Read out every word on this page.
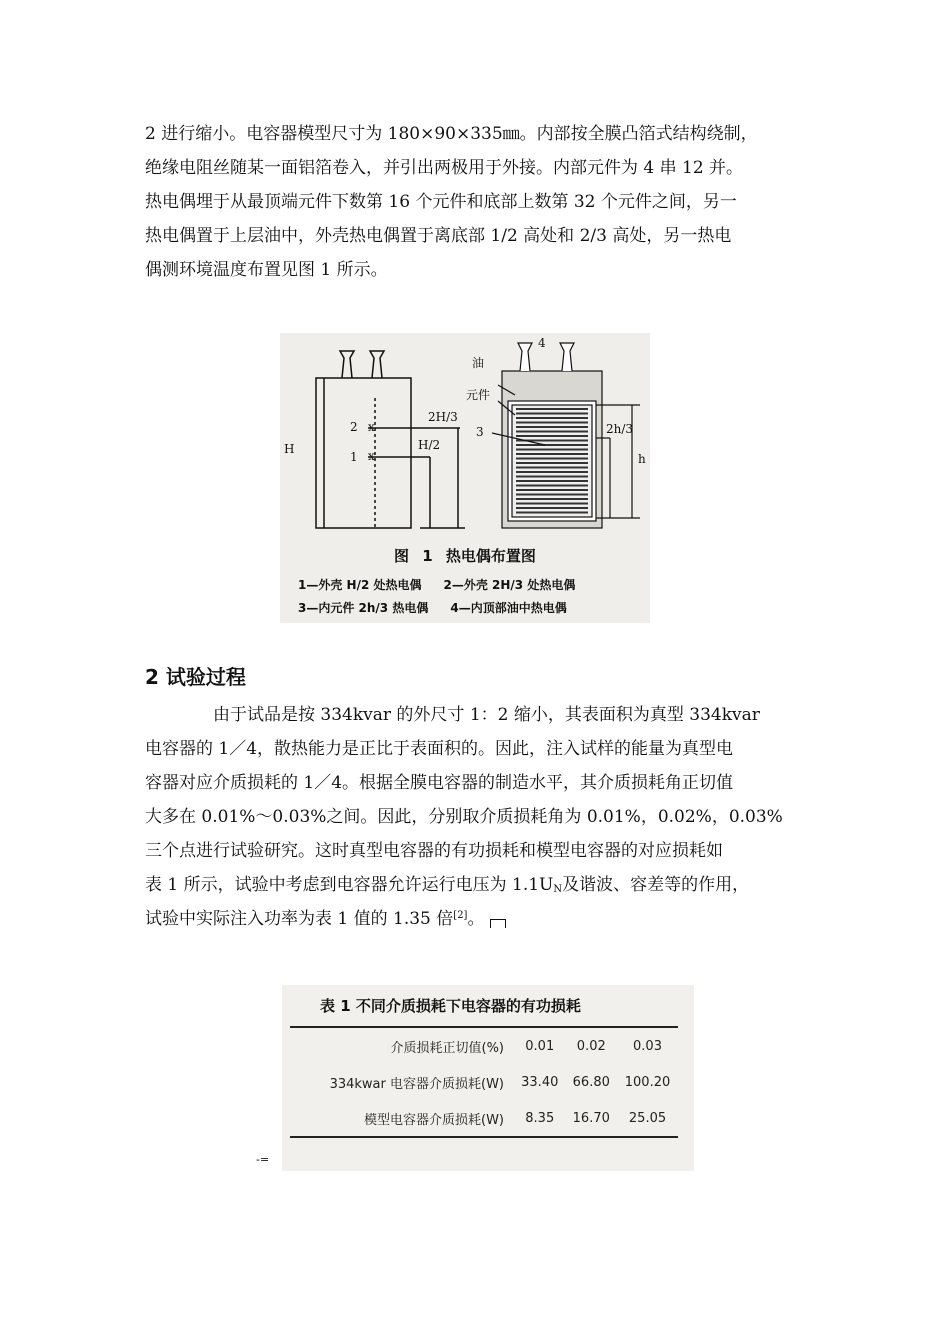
2 进行缩小。电容器模型尺寸为 180×90×335㎜。内部按全膜凸箔式结构绕制，
绝缘电阻丝随某一面铝箔卷入，并引出两极用于外接。内部元件为 4 串 12 并。
热电偶埋于从最顶端元件下数第 16 个元件和底部上数第 32 个元件之间，另一
热电偶置于上层油中，外壳热电偶置于离底部 1/2 高处和 2/3 高处，另一热电
偶测环境温度布置见图 1 所示。
H
2
1
x
x
2H/3
H/2
油
元件
3
4
2h/3
h
图 1 热电偶布置图
1—外壳 H/2 处热电偶 2—外壳 2H/3 处热电偶
3—内元件 2h/3 热电偶 4—内顶部油中热电偶
2 试验过程
由于试品是按 334kvar 的外尺寸 1：2 缩小，其表面积为真型 334kvar
电容器的 1／4，散热能力是正比于表面积的。因此，注入试样的能量为真型电
容器对应介质损耗的 1／4。根据全膜电容器的制造水平，其介质损耗角正切值
大多在 0.01%～0.03%之间。因此，分别取介质损耗角为 0.01%，0.02%，0.03%
三个点进行试验研究。这时真型电容器的有功损耗和模型电容器的对应损耗如
表 1 所示，试验中考虑到电容器允许运行电压为 $1.1U_N$及谐波、容差等的作用，
试验中实际注入功率为表 1 值的 1.35 倍[2]。
表 1 不同介质损耗下电容器的有功损耗
介质损耗正切值(%)	0.01	0.02	0.03
334kwar 电容器介质损耗(W)	33.40	66.80	100.20
模型电容器介质损耗(W)	8.35	16.70	25.05
-=
